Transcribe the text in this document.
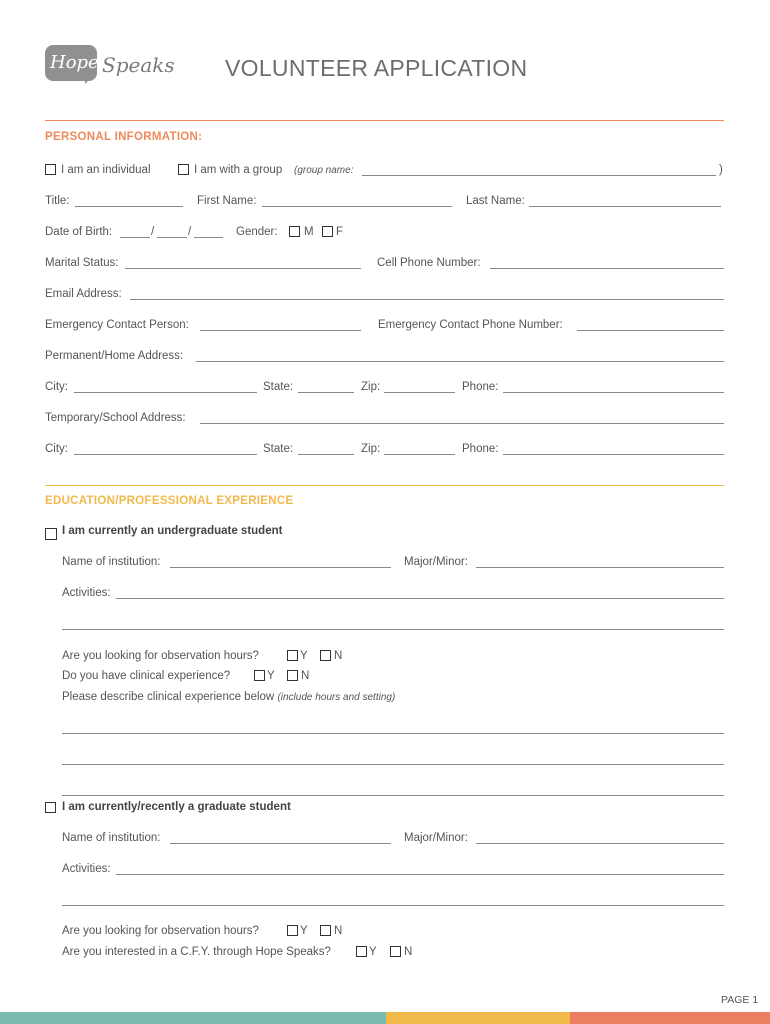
Hope Speaks VOLUNTEER APPLICATION
PERSONAL INFORMATION:
I am an individual	I am with a group (group name:	)
Title:	First Name:	Last Name:
Date of Birth:	/	/	Gender: M F
Marital Status:	Cell Phone Number:
Email Address:
Emergency Contact Person:	Emergency Contact Phone Number:
Permanent/Home Address:
City:	State:	Zip:	Phone:
Temporary/School Address:
City:	State:	Zip:	Phone:
EDUCATION/PROFESSIONAL EXPERIENCE
I am currently an undergraduate student
Name of institution:	Major/Minor:
Activities:
Are you looking for observation hours?	Y N
Do you have clinical experience?	Y N
Please describe clinical experience below (include hours and setting)
I am currently/recently a graduate student
Name of institution:	Major/Minor:
Activities:
Are you looking for observation hours?	Y N
Are you interested in a C.F.Y. through Hope Speaks?	Y N
PAGE 1
